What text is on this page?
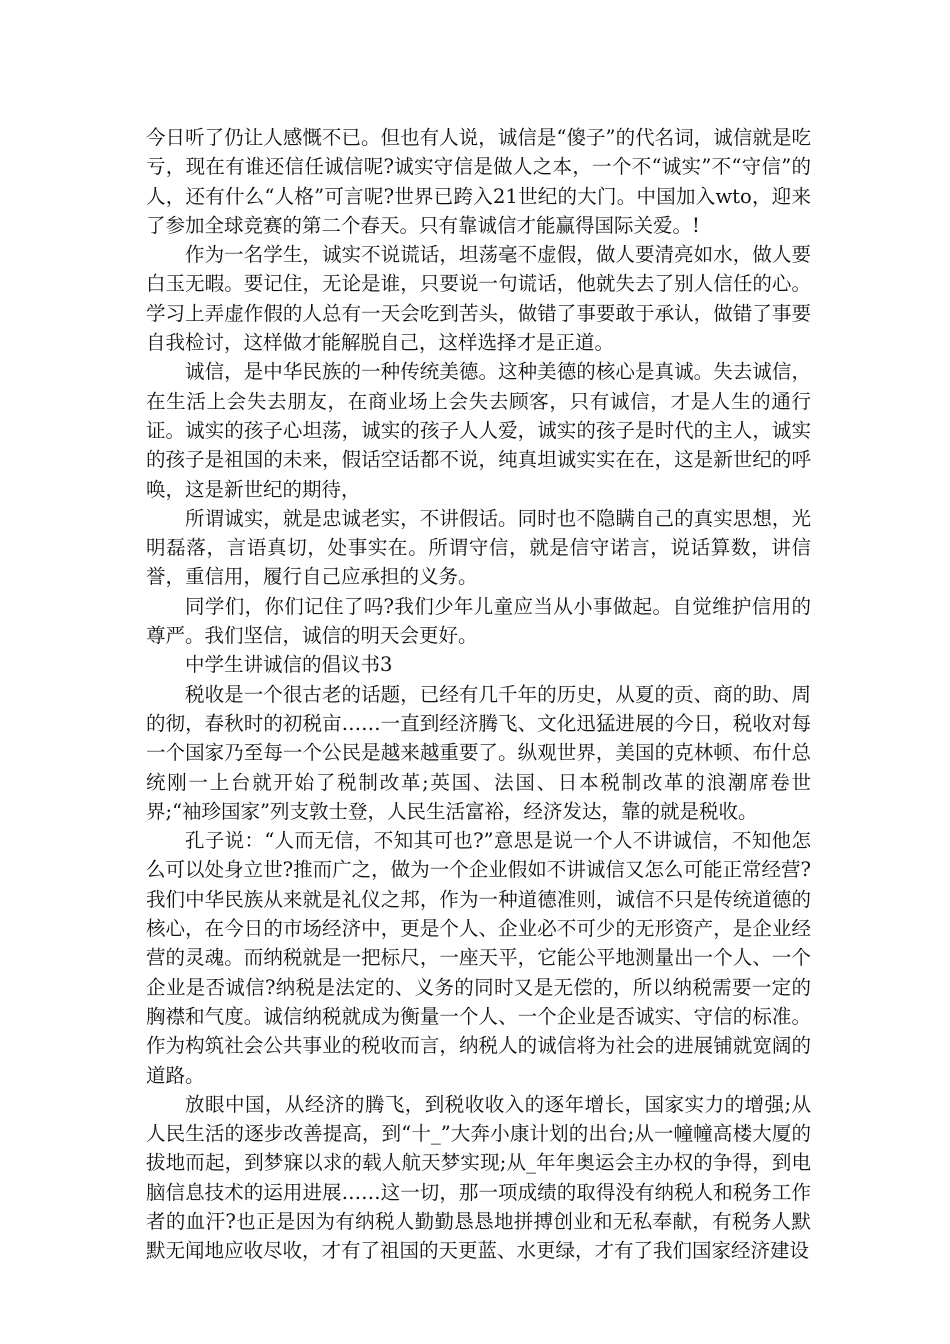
今日听了仍让人感慨不已。但也有人说，诚信是“傻子”的代名词，诚信就是吃亏，现在有谁还信任诚信呢?诚实守信是做人之本，一个不“诚实”不“守信”的人，还有什么“人格”可言呢?世界已跨入21世纪的大门。中国加入wto，迎来了参加全球竞赛的第二个春天。只有靠诚信才能赢得国际关爱。!

作为一名学生，诚实不说谎话，坦荡毫不虚假，做人要清亮如水，做人要白玉无暇。要记住，无论是谁，只要说一句谎话，他就失去了别人信任的心。学习上弄虚作假的人总有一天会吃到苦头，做错了事要敢于承认，做错了事要自我检讨，这样做才能解脱自己，这样选择才是正道。

诚信，是中华民族的一种传统美德。这种美德的核心是真诚。失去诚信，在生活上会失去朋友，在商业场上会失去顾客，只有诚信，才是人生的通行证。诚实的孩子心坦荡，诚实的孩子人人爱，诚实的孩子是时代的主人，诚实的孩子是祖国的未来，假话空话都不说，纯真坦诚实实在在，这是新世纪的呼唤，这是新世纪的期待，

所谓诚实，就是忠诚老实，不讲假话。同时也不隐瞒自己的真实思想，光明磊落，言语真切，处事实在。所谓守信，就是信守诺言，说话算数，讲信誉，重信用，履行自己应承担的义务。

同学们，你们记住了吗?我们少年儿童应当从小事做起。自觉维护信用的尊严。我们坚信，诚信的明天会更好。

中学生讲诚信的倡议书3

税收是一个很古老的话题，已经有几千年的历史，从夏的贡、商的助、周的彻，春秋时的初税亩……一直到经济腾飞、文化迅猛进展的今日，税收对每一个国家乃至每一个公民是越来越重要了。纵观世界，美国的克林顿、布什总统刚一上台就开始了税制改革;英国、法国、日本税制改革的浪潮席卷世界;“袖珍国家”列支敦士登，人民生活富裕，经济发达，靠的就是税收。

孔子说：“人而无信，不知其可也?”意思是说一个人不讲诚信，不知他怎么可以处身立世?推而广之，做为一个企业假如不讲诚信又怎么可能正常经营?我们中华民族从来就是礼仪之邦，作为一种道德准则，诚信不只是传统道德的核心，在今日的市场经济中，更是个人、企业必不可少的无形资产，是企业经营的灵魂。而纳税就是一把标尺，一座天平，它能公平地测量出一个人、一个企业是否诚信?纳税是法定的、义务的同时又是无偿的，所以纳税需要一定的胸襟和气度。诚信纳税就成为衡量一个人、一个企业是否诚实、守信的标准。作为构筑社会公共事业的税收而言，纳税人的诚信将为社会的进展铺就宽阔的道路。

放眼中国，从经济的腾飞，到税收收入的逐年增长，国家实力的增强;从人民生活的逐步改善提高，到“十_”大奔小康计划的出台;从一幢幢高楼大厦的拔地而起，到梦寐以求的载人航天梦实现;从_年年奥运会主办权的争得，到电脑信息技术的运用进展……这一切，那一项成绩的取得没有纳税人和税务工作者的血汗?也正是因为有纳税人勤勤恳恳地拼搏创业和无私奉献，有税务人默默无闻地应收尽收，才有了祖国的天更蓝、水更绿，才有了我们国家经济建设
